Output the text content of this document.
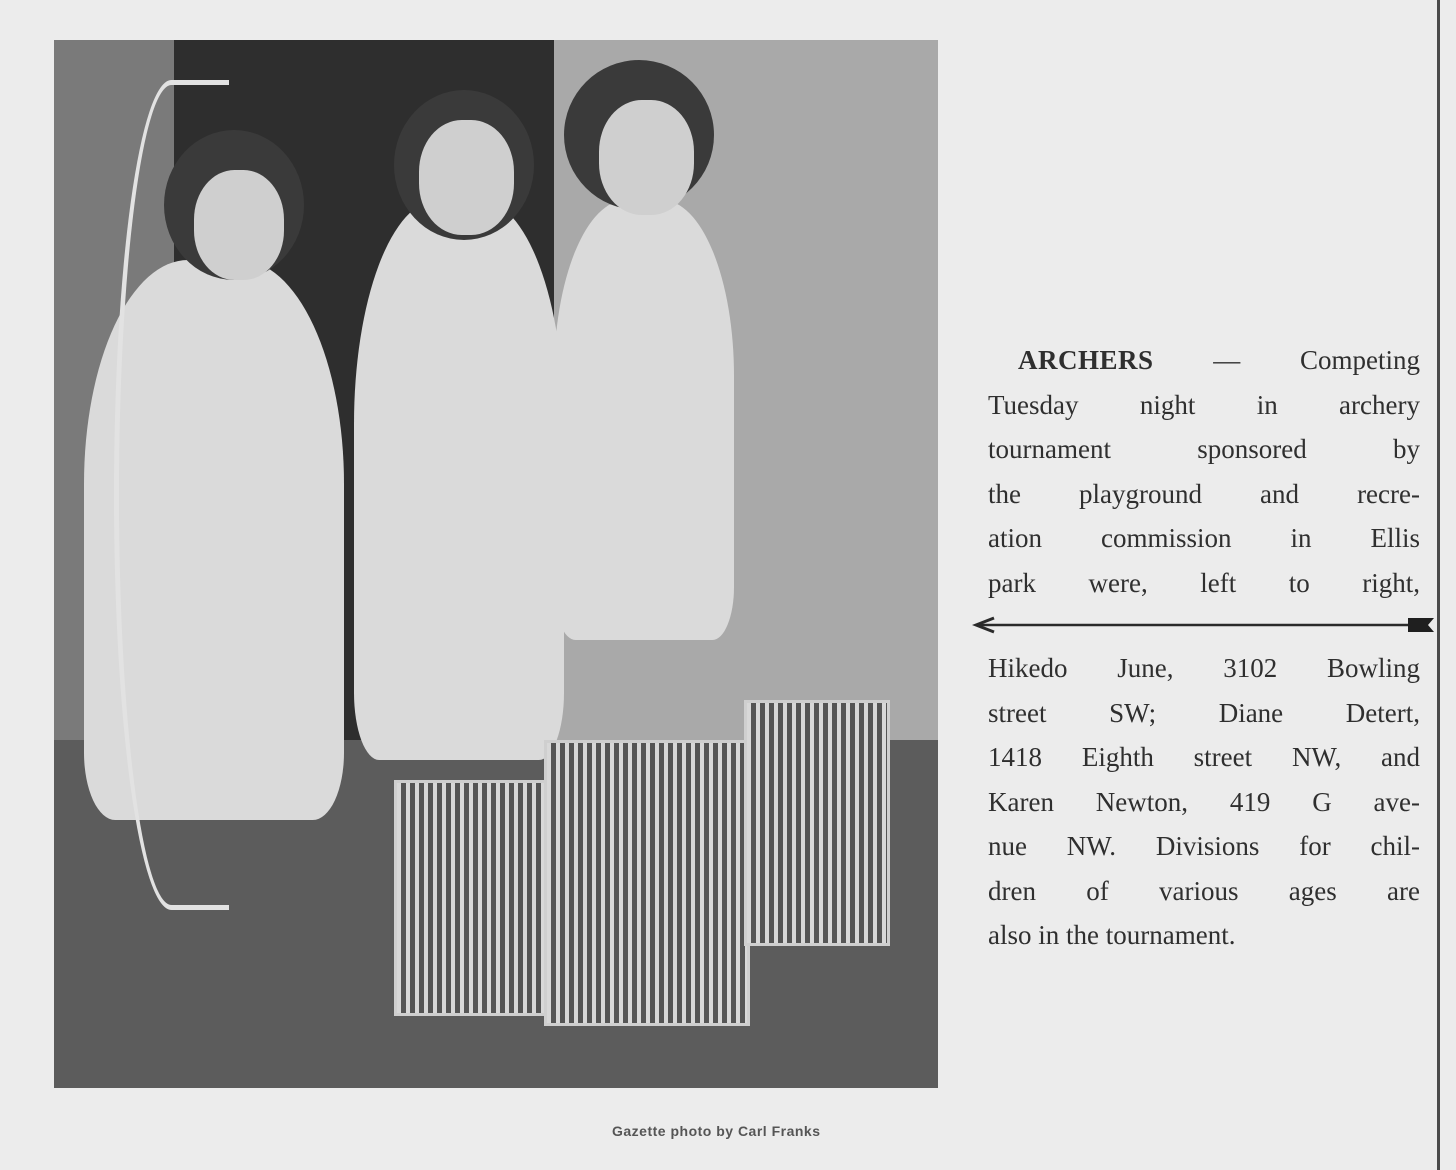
Gazette photo by Carl Franks
ARCHERS — Competing
Tuesday night in archery
tournament sponsored by
the playground and recre-
ation commission in Ellis
park were, left to right,
Hikedo June, 3102 Bowling
street SW; Diane Detert,
1418 Eighth street NW, and
Karen Newton, 419 G ave-
nue NW. Divisions for chil-
dren of various ages are
also in the tournament.
